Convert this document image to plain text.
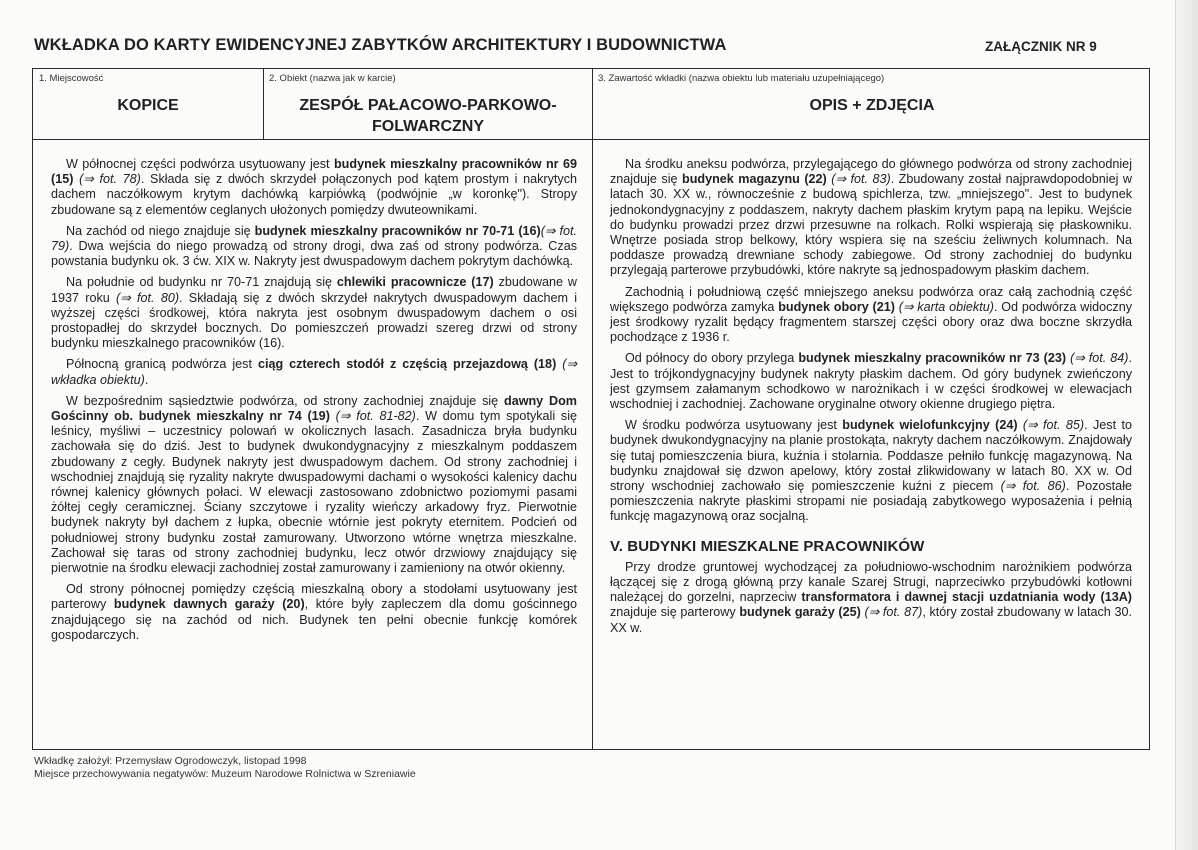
WKŁADKA DO KARTY EWIDENCYJNEJ ZABYTKÓW ARCHITEKTURY I BUDOWNICTWA	ZAŁĄCZNIK NR 9
1. Miejscowość
KOPICE
2. Obiekt (nazwa jak w karcie)
ZESPÓŁ PAŁACOWO-PARKOWO-FOLWARCZNY
3. Zawartość wkładki (nazwa obiektu lub materiału uzupełniającego)
OPIS + ZDJĘCIA

W północnej części podwórza usytuowany jest budynek mieszkalny pracowników nr 69 (15) (⇒ fot. 78). Składa się z dwóch skrzydeł połączonych pod kątem prostym i nakrytych dachem naczółkowym krytym dachówką karpiówką (podwójnie „w koronkę"). Stropy zbudowane są z elementów ceglanych ułożonych pomiędzy dwuteownikami.

Na zachód od niego znajduje się budynek mieszkalny pracowników nr 70-71 (16)(⇒ fot. 79). Dwa wejścia do niego prowadzą od strony drogi, dwa zaś od strony podwórza. Czas powstania budynku ok. 3 ćw. XIX w. Nakryty jest dwuspadowym dachem pokrytym dachówką.

Na południe od budynku nr 70-71 znajdują się chlewiki pracownicze (17) zbudowane w 1937 roku (⇒ fot. 80). Składają się z dwóch skrzydeł nakrytych dwuspadowym dachem i wyższej części środkowej, która nakryta jest osobnym dwuspadowym dachem o osi prostopadłej do skrzydeł bocznych. Do pomieszczeń prowadzi szereg drzwi od strony budynku mieszkalnego pracowników (16).

Północną granicą podwórza jest ciąg czterech stodół z częścią przejazdową (18) (⇒ wkładka obiektu).

W bezpośrednim sąsiedztwie podwórza, od strony zachodniej znajduje się dawny Dom Gościnny ob. budynek mieszkalny nr 74 (19) (⇒ fot. 81-82). W domu tym spotykali się leśnicy, myśliwi – uczestnicy polowań w okolicznych lasach. Zasadnicza bryła budynku zachowała się do dziś. Jest to budynek dwukondygnacyjny z mieszkalnym poddaszem zbudowany z cegły. Budynek nakryty jest dwuspadowym dachem. Od strony zachodniej i wschodniej znajdują się ryzality nakryte dwuspadowymi dachami o wysokości kalenicy dachu równej kalenicy głównych połaci. W elewacji zastosowano zdobnictwo poziomymi pasami żółtej cegły ceramicznej. Ściany szczytowe i ryzality wieńczy arkadowy fryz. Pierwotnie budynek nakryty był dachem z łupka, obecnie wtórnie jest pokryty eternitem. Podcień od południowej strony budynku został zamurowany. Utworzono wtórne wnętrza mieszkalne. Zachował się taras od strony zachodniej budynku, lecz otwór drzwiowy znajdujący się pierwotnie na środku elewacji zachodniej został zamurowany i zamieniony na otwór okienny.

Od strony północnej pomiędzy częścią mieszkalną obory a stodołami usytuowany jest parterowy budynek dawnych garaży (20), które były zapleczem dla domu gościnnego znajdującego się na zachód od nich. Budynek ten pełni obecnie funkcję komórek gospodarczych.

Na środku aneksu podwórza, przylegającego do głównego podwórza od strony zachodniej znajduje się budynek magazynu (22) (⇒ fot. 83). Zbudowany został najprawdopodobniej w latach 30. XX w., równocześnie z budową spichlerza, tzw. „mniejszego". Jest to budynek jednokondygnacyjny z poddaszem, nakryty dachem płaskim krytym papą na lepiku. Wejście do budynku prowadzi przez drzwi przesuwne na rolkach. Rolki wspierają się płaskowniku. Wnętrze posiada strop belkowy, który wspiera się na sześciu żeliwnych kolumnach. Na poddasze prowadzą drewniane schody zabiegowe. Od strony zachodniej do budynku przylegają parterowe przybudówki, które nakryte są jednospadowym płaskim dachem.

Zachodnią i południową część mniejszego aneksu podwórza oraz całą zachodnią część większego podwórza zamyka budynek obory (21) (⇒ karta obiektu). Od podwórza widoczny jest środkowy ryzalit będący fragmentem starszej części obory oraz dwa boczne skrzydła pochodzące z 1936 r.

Od północy do obory przylega budynek mieszkalny pracowników nr 73 (23) (⇒ fot. 84). Jest to trójkondygnacyjny budynek nakryty płaskim dachem. Od góry budynek zwieńczony jest gzymsem załamanym schodkowo w narożnikach i w części środkowej w elewacjach wschodniej i zachodniej. Zachowane oryginalne otwory okienne drugiego piętra.

W środku podwórza usytuowany jest budynek wielofunkcyjny (24) (⇒ fot. 85). Jest to budynek dwukondygnacyjny na planie prostokąta, nakryty dachem naczółkowym. Znajdowały się tutaj pomieszczenia biura, kuźnia i stolarnia. Poddasze pełniło funkcję magazynową. Na budynku znajdował się dzwon apelowy, który został zlikwidowany w latach 80. XX w. Od strony wschodniej zachowało się pomieszczenie kuźni z piecem (⇒ fot. 86). Pozostałe pomieszczenia nakryte płaskimi stropami nie posiadają zabytkowego wyposażenia i pełnią funkcję magazynową oraz socjalną.

V. BUDYNKI MIESZKALNE PRACOWNIKÓW

Przy drodze gruntowej wychodzącej za południowo-wschodnim narożnikiem podwórza łączącej się z drogą główną przy kanale Szarej Strugi, naprzeciwko przybudówki kotłowni należącej do gorzelni, naprzeciw transformatora i dawnej stacji uzdatniania wody (13A) znajduje się parterowy budynek garaży (25) (⇒ fot. 87), który został zbudowany w latach 30. XX w.

Wkładkę założył: Przemysław Ogrodowczyk, listopad 1998
Miejsce przechowywania negatywów: Muzeum Narodowe Rolnictwa w Szreniawie
